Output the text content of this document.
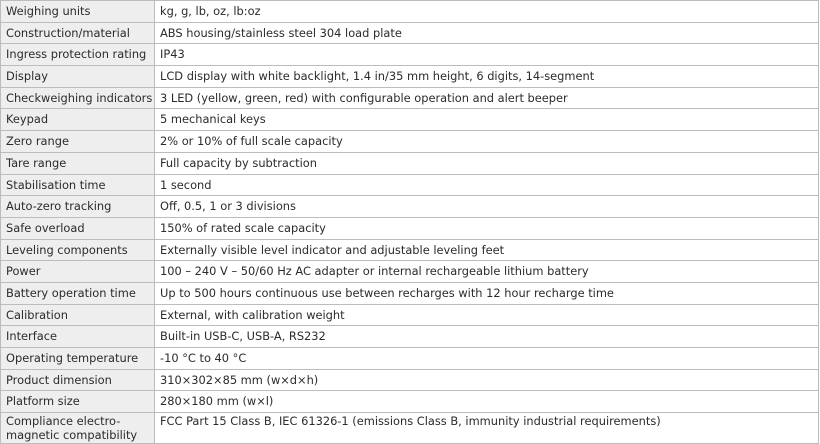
Weighing units	kg, g, lb, oz, lb:oz
Construction/material	ABS housing/stainless steel 304 load plate
Ingress protection rating	IP43
Display	LCD display with white backlight, 1.4 in/35 mm height, 6 digits, 14-segment
Checkweighing indicators	3 LED (yellow, green, red) with configurable operation and alert beeper
Keypad	5 mechanical keys
Zero range	2% or 10% of full scale capacity
Tare range	Full capacity by subtraction
Stabilisation time	1 second
Auto-zero tracking	Off, 0.5, 1 or 3 divisions
Safe overload	150% of rated scale capacity
Leveling components	Externally visible level indicator and adjustable leveling feet
Power	100 – 240 V – 50/60 Hz AC adapter or internal rechargeable lithium battery
Battery operation time	Up to 500 hours continuous use between recharges with 12 hour recharge time
Calibration	External, with calibration weight
Interface	Built-in USB-C, USB-A, RS232
Operating temperature	-10 °C to 40 °C
Product dimension	310×302×85 mm (w×d×h)
Platform size	280×180 mm (w×l)
Compliance electro-magnetic compatibility	FCC Part 15 Class B, IEC 61326-1 (emissions Class B, immunity industrial requirements)
